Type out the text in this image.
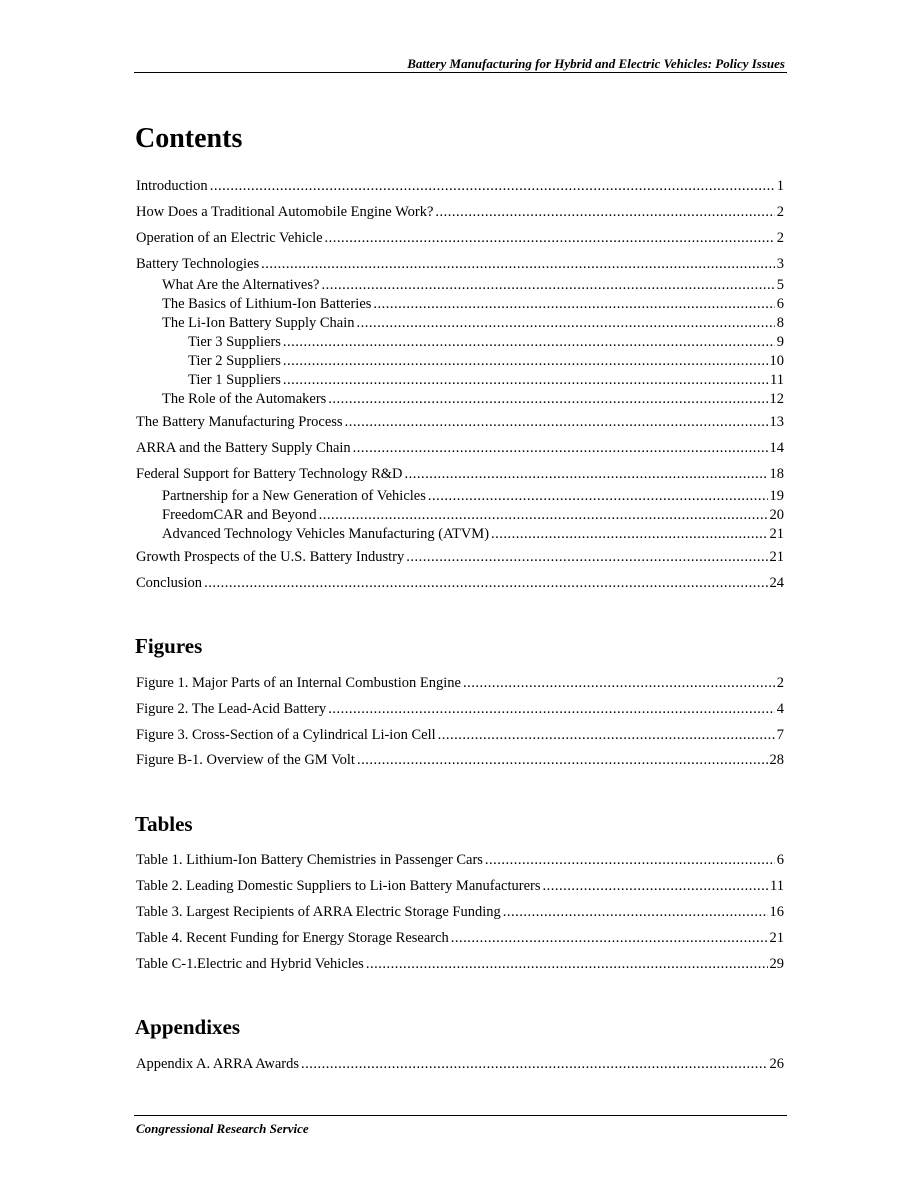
Battery Manufacturing for Hybrid and Electric Vehicles: Policy Issues
Contents
Introduction .....	1
How Does a Traditional Automobile Engine Work? .....	2
Operation of an Electric Vehicle .....	2
Battery Technologies .....	3
What Are the Alternatives? .....	5
The Basics of Lithium-Ion Batteries .....	6
The Li-Ion Battery Supply Chain .....	8
Tier 3 Suppliers .....	9
Tier 2 Suppliers .....	10
Tier 1 Suppliers .....	11
The Role of the Automakers .....	12
The Battery Manufacturing Process .....	13
ARRA and the Battery Supply Chain .....	14
Federal Support for Battery Technology R&D .....	18
Partnership for a New Generation of Vehicles .....	19
FreedomCAR and Beyond .....	20
Advanced Technology Vehicles Manufacturing (ATVM) .....	21
Growth Prospects of the U.S. Battery Industry .....	21
Conclusion .....	24
Figures
Figure 1. Major Parts of an Internal Combustion Engine .....	2
Figure 2. The Lead-Acid Battery .....	4
Figure 3. Cross-Section of a Cylindrical Li-ion Cell .....	7
Figure B-1. Overview of the GM Volt .....	28
Tables
Table 1. Lithium-Ion Battery Chemistries in Passenger Cars .....	6
Table 2. Leading Domestic Suppliers to Li-ion Battery Manufacturers .....	11
Table 3. Largest Recipients of ARRA Electric Storage Funding .....	16
Table 4. Recent Funding for Energy Storage Research .....	21
Table C-1.Electric and Hybrid Vehicles .....	29
Appendixes
Appendix A. ARRA Awards .....	26
Congressional Research Service
